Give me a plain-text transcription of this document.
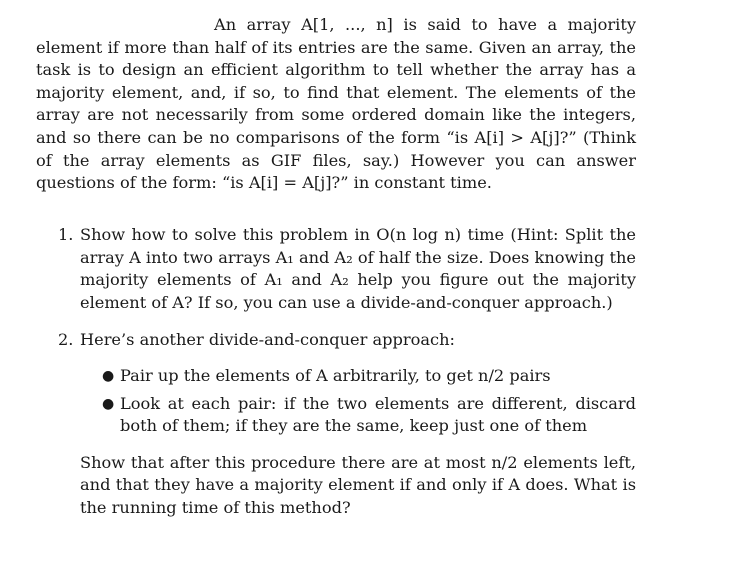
An array A[1, ..., n] is said to have a majority element if more than half of its entries are the same. Given an array, the task is to design an efficient algorithm to tell whether the array has a majority element, and, if so, to find that element. The elements of the array are not necessarily from some ordered domain like the integers, and so there can be no comparisons of the form “is A[i] > A[j]?” (Think of the array elements as GIF files, say.) However you can answer questions of the form: “is A[i] = A[j]?” in constant time.

1. Show how to solve this problem in O(n log n) time (Hint: Split the array A into two arrays A₁ and A₂ of half the size. Does knowing the majority elements of A₁ and A₂ help you figure out the majority element of A? If so, you can use a divide-and-conquer approach.)
2. Here’s another divide-and-conquer approach:
● Pair up the elements of A arbitrarily, to get n/2 pairs
● Look at each pair: if the two elements are different, discard both of them; if they are the same, keep just one of them
Show that after this procedure there are at most n/2 elements left, and that they have a majority element if and only if A does. What is the running time of this method?
